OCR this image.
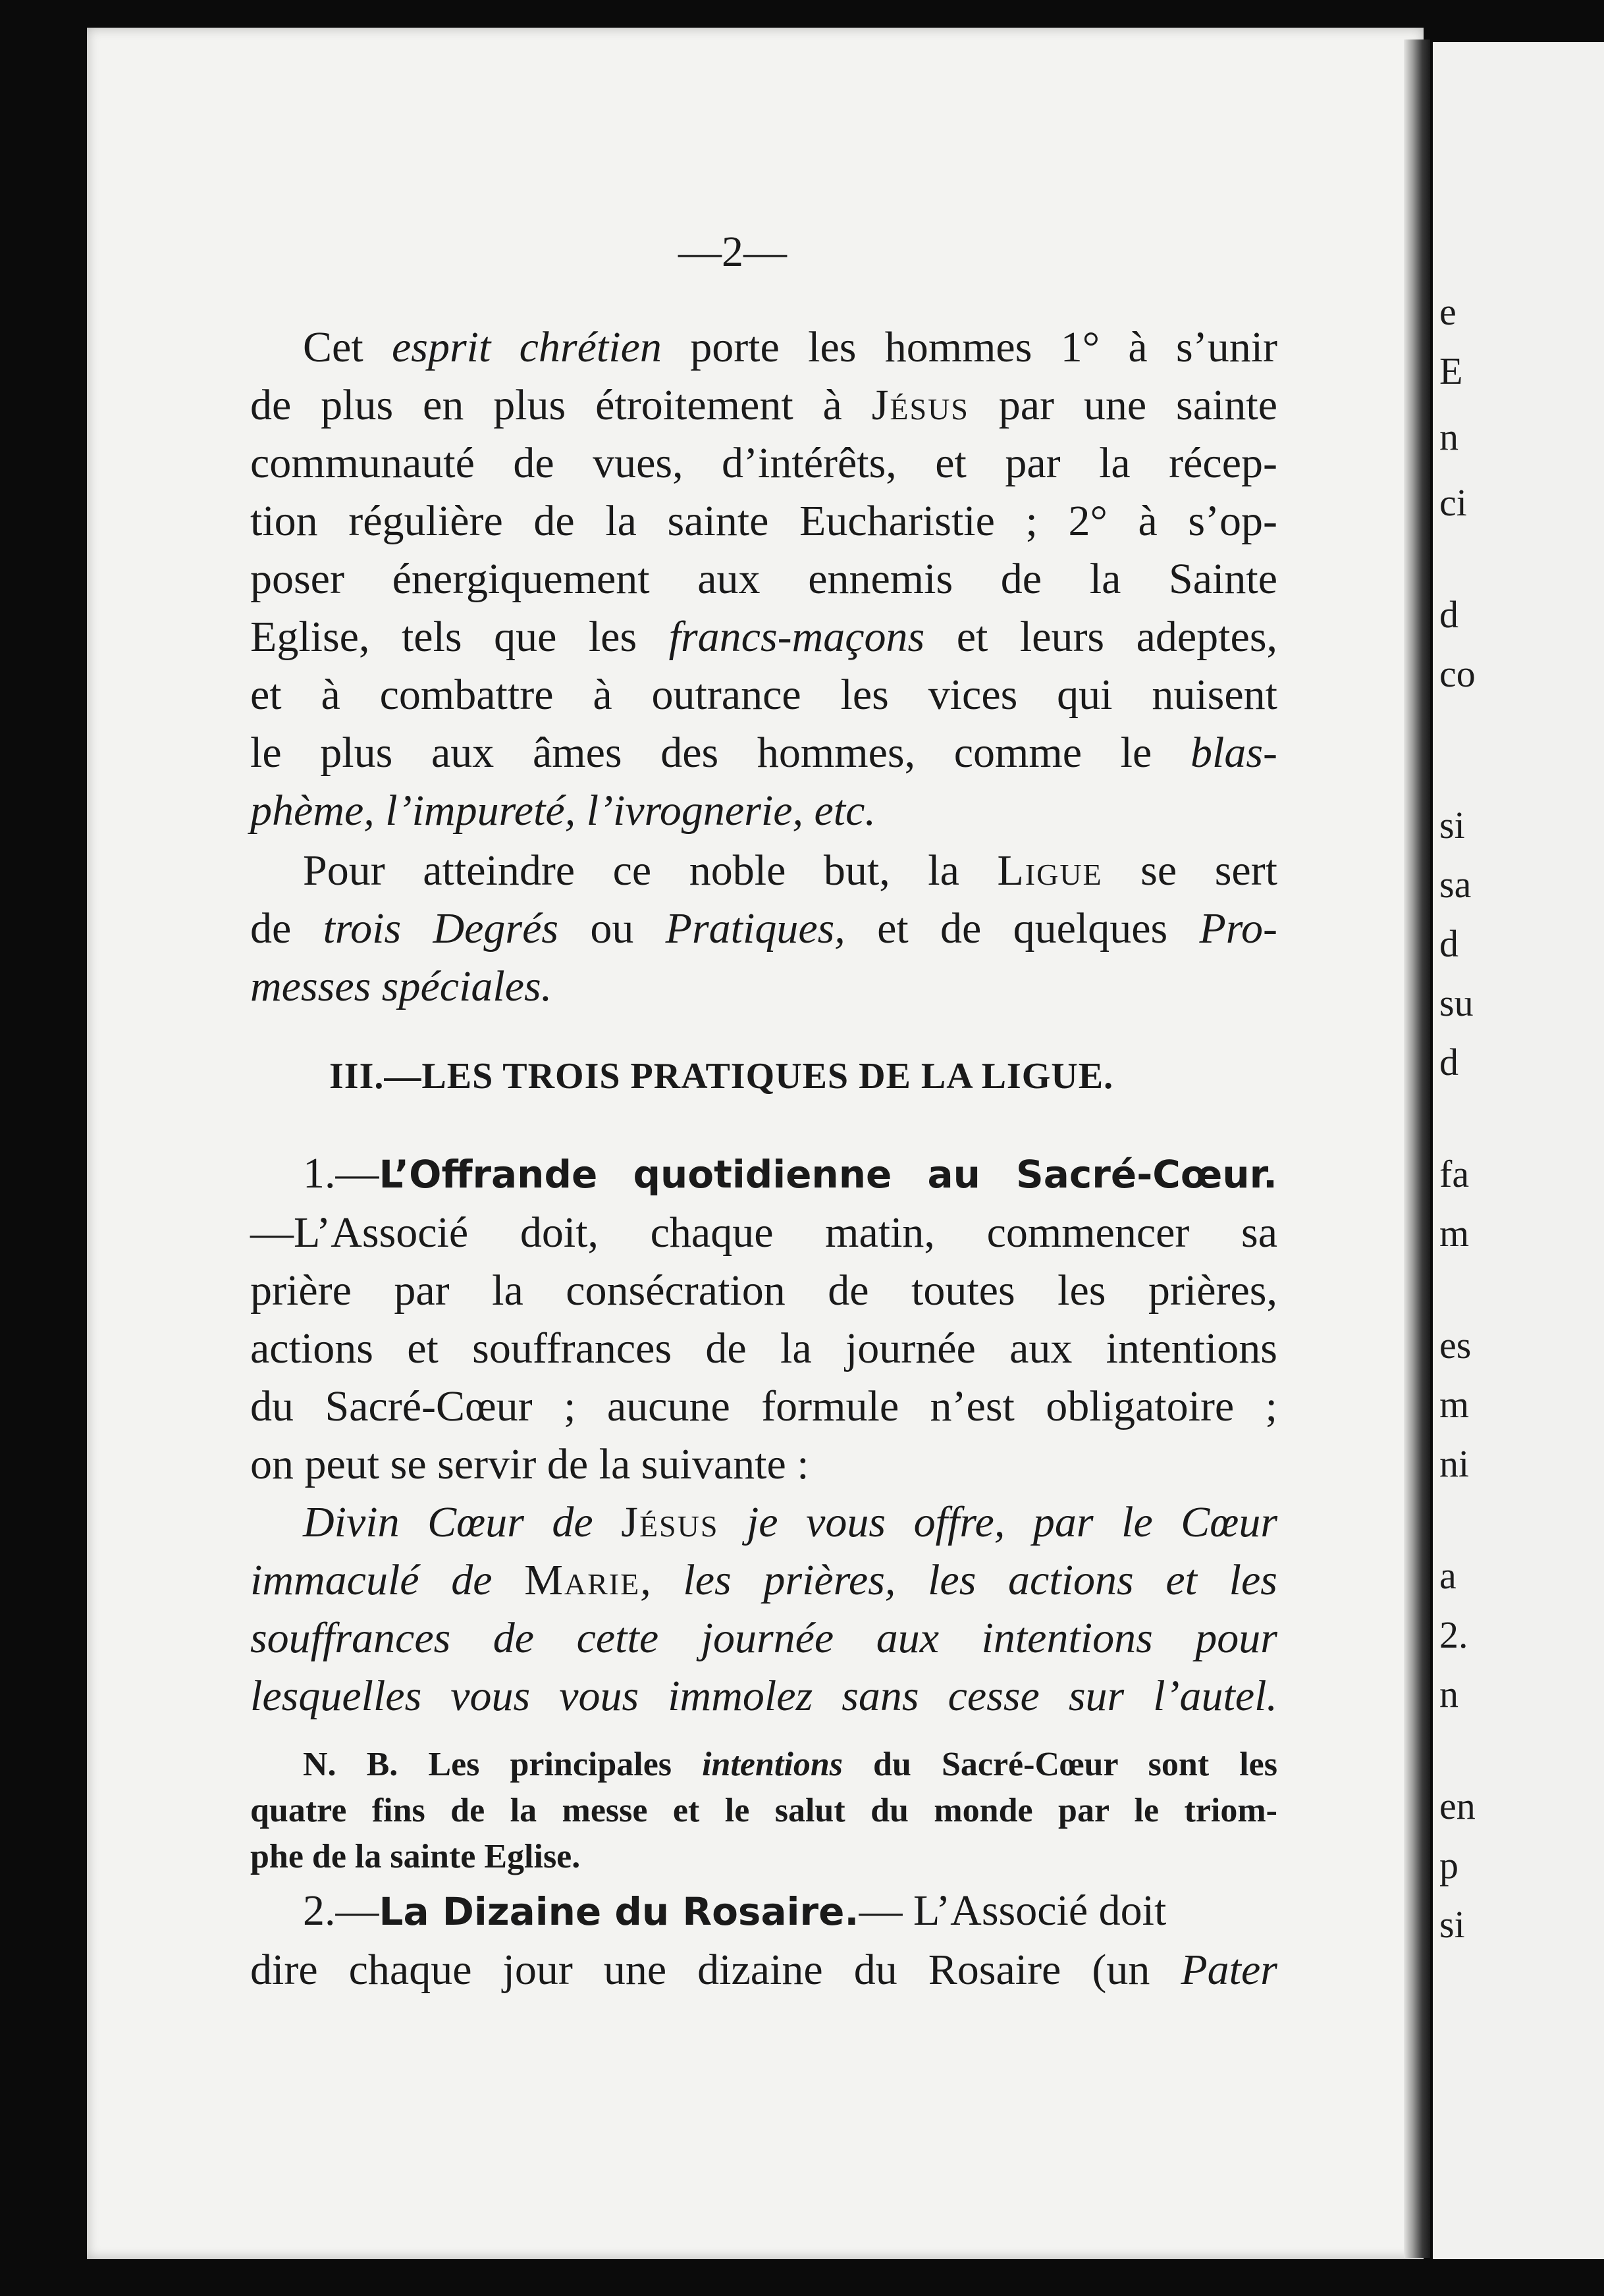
e
E
n
ci
d
co
si
sa
d
su
d
fa
m
es
m
ni
a
2.
n
en
p
si
—2—
Cet esprit chrétien porte les hommes 1° à s’unir
de plus en plus étroitement à Jésus par une sainte
communauté de vues, d’intérêts, et par la récep-
tion régulière de la sainte Eucharistie ; 2° à s’op-
poser énergiquement aux ennemis de la Sainte
Eglise, tels que les francs-maçons et leurs adeptes,
et à combattre à outrance les vices qui nuisent
le plus aux âmes des hommes, comme le blas-
phème, l’impureté, l’ivrognerie, etc.
Pour atteindre ce noble but, la Ligue se sert
de trois Degrés ou Pratiques, et de quelques Pro-
messes spéciales.
III.—LES TROIS PRATIQUES DE LA LIGUE.
1.—L’Offrande quotidienne au Sacré-Cœur.
—L’Associé doit, chaque matin, commencer sa
prière par la consécration de toutes les prières,
actions et souffrances de la journée aux intentions
du Sacré-Cœur ; aucune formule n’est obligatoire ;
on peut se servir de la suivante :
Divin Cœur de Jésus je vous offre, par le Cœur
immaculé de Marie, les prières, les actions et les
souffrances de cette journée aux intentions pour
lesquelles vous vous immolez sans cesse sur l’autel.
N. B. Les principales intentions du Sacré-Cœur sont les
quatre fins de la messe et le salut du monde par le triom-
phe de la sainte Eglise.
2.—La Dizaine du Rosaire.— L’Associé doit
dire chaque jour une dizaine du Rosaire (un Pater
